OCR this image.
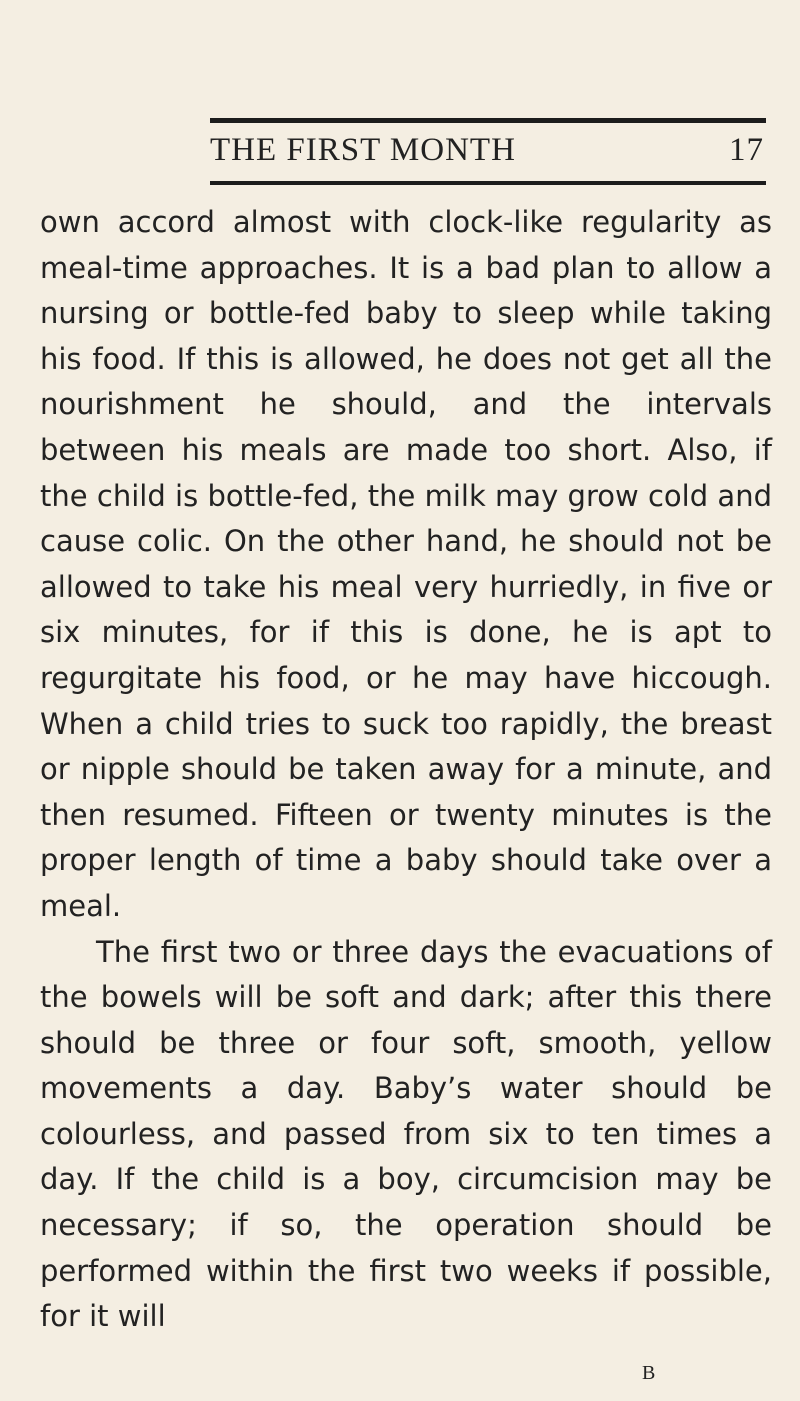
THE FIRST MONTH	17

own accord almost with clock-like regularity as meal-time approaches. It is a bad plan to allow a nursing or bottle-fed baby to sleep while taking his food. If this is allowed, he does not get all the nourishment he should, and the intervals between his meals are made too short. Also, if the child is bottle-fed, the milk may grow cold and cause colic. On the other hand, he should not be allowed to take his meal very hurriedly, in five or six minutes, for if this is done, he is apt to regurgitate his food, or he may have hiccough. When a child tries to suck too rapidly, the breast or nipple should be taken away for a minute, and then resumed. Fifteen or twenty minutes is the proper length of time a baby should take over a meal.

The first two or three days the evacuations of the bowels will be soft and dark; after this there should be three or four soft, smooth, yellow movements a day. Baby’s water should be colourless, and passed from six to ten times a day. If the child is a boy, circumcision may be necessary; if so, the operation should be performed within the first two weeks if possible, for it will

B
